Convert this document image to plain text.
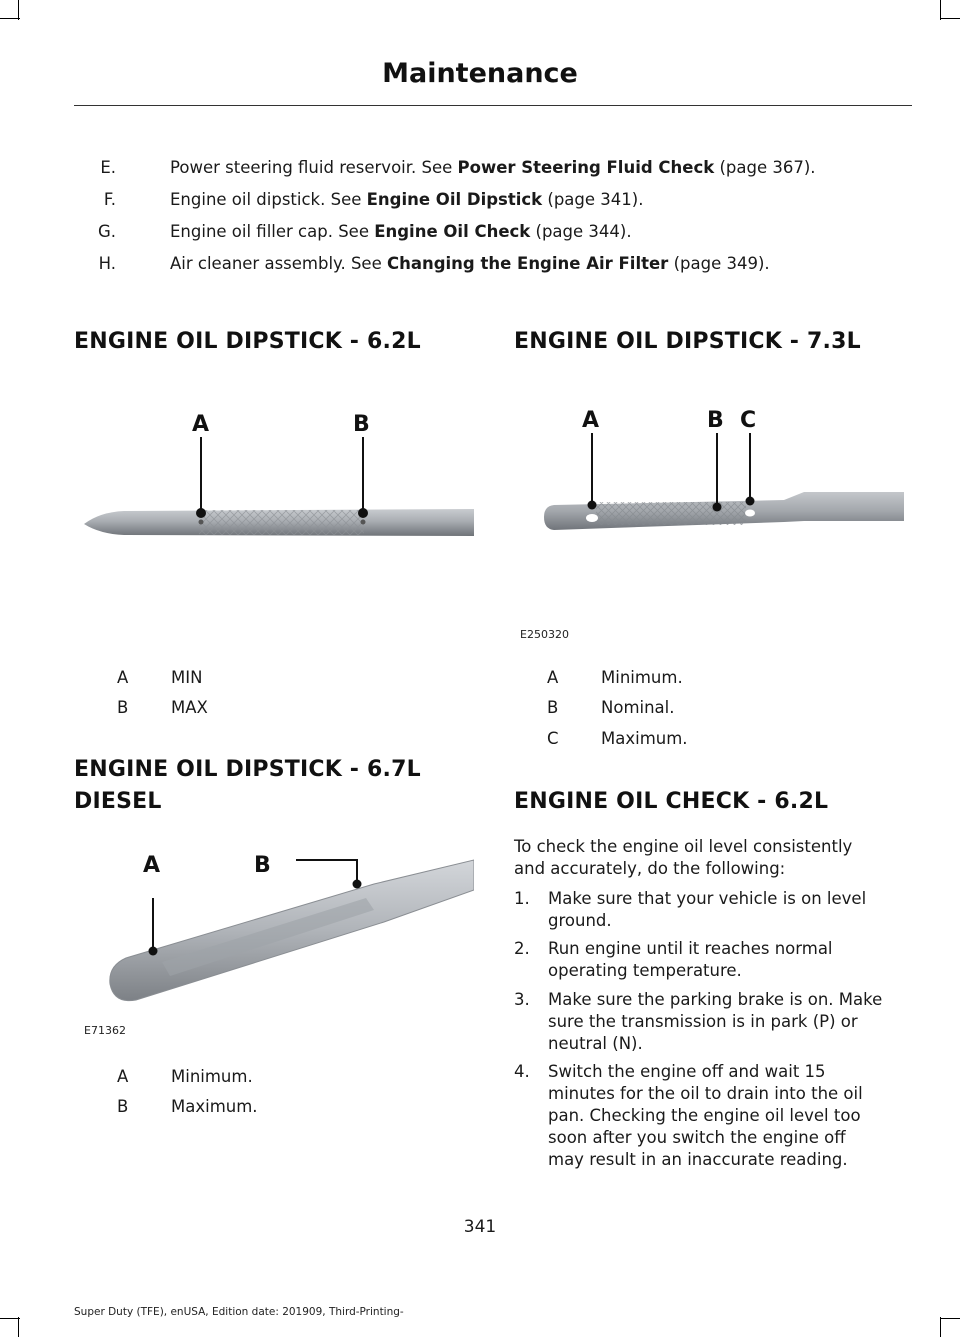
Maintenance
E.	Power steering fluid reservoir. See Power Steering Fluid Check (page 367).
F.	Engine oil dipstick. See Engine Oil Dipstick (page 341).
G.	Engine oil filler cap. See Engine Oil Check (page 344).
H.	Air cleaner assembly. See Changing the Engine Air Filter (page 349).
ENGINE OIL DIPSTICK - 6.2L
A	B
A	MIN
B	MAX
ENGINE OIL DIPSTICK - 6.7L
DIESEL
A	B
E71362
A	Minimum.
B	Maximum.
ENGINE OIL DIPSTICK - 7.3L
A	B C
E250320
A	Minimum.
B	Nominal.
C	Maximum.
ENGINE OIL CHECK - 6.2L
To check the engine oil level consistently
and accurately, do the following:
1. Make sure that your vehicle is on level
ground.
2. Run engine until it reaches normal
operating temperature.
3. Make sure the parking brake is on. Make
sure the transmission is in park (P) or
neutral (N).
4. Switch the engine off and wait 15
minutes for the oil to drain into the oil
pan. Checking the engine oil level too
soon after you switch the engine off
may result in an inaccurate reading.
341
Super Duty (TFE), enUSA, Edition date: 201909, Third-Printing-
